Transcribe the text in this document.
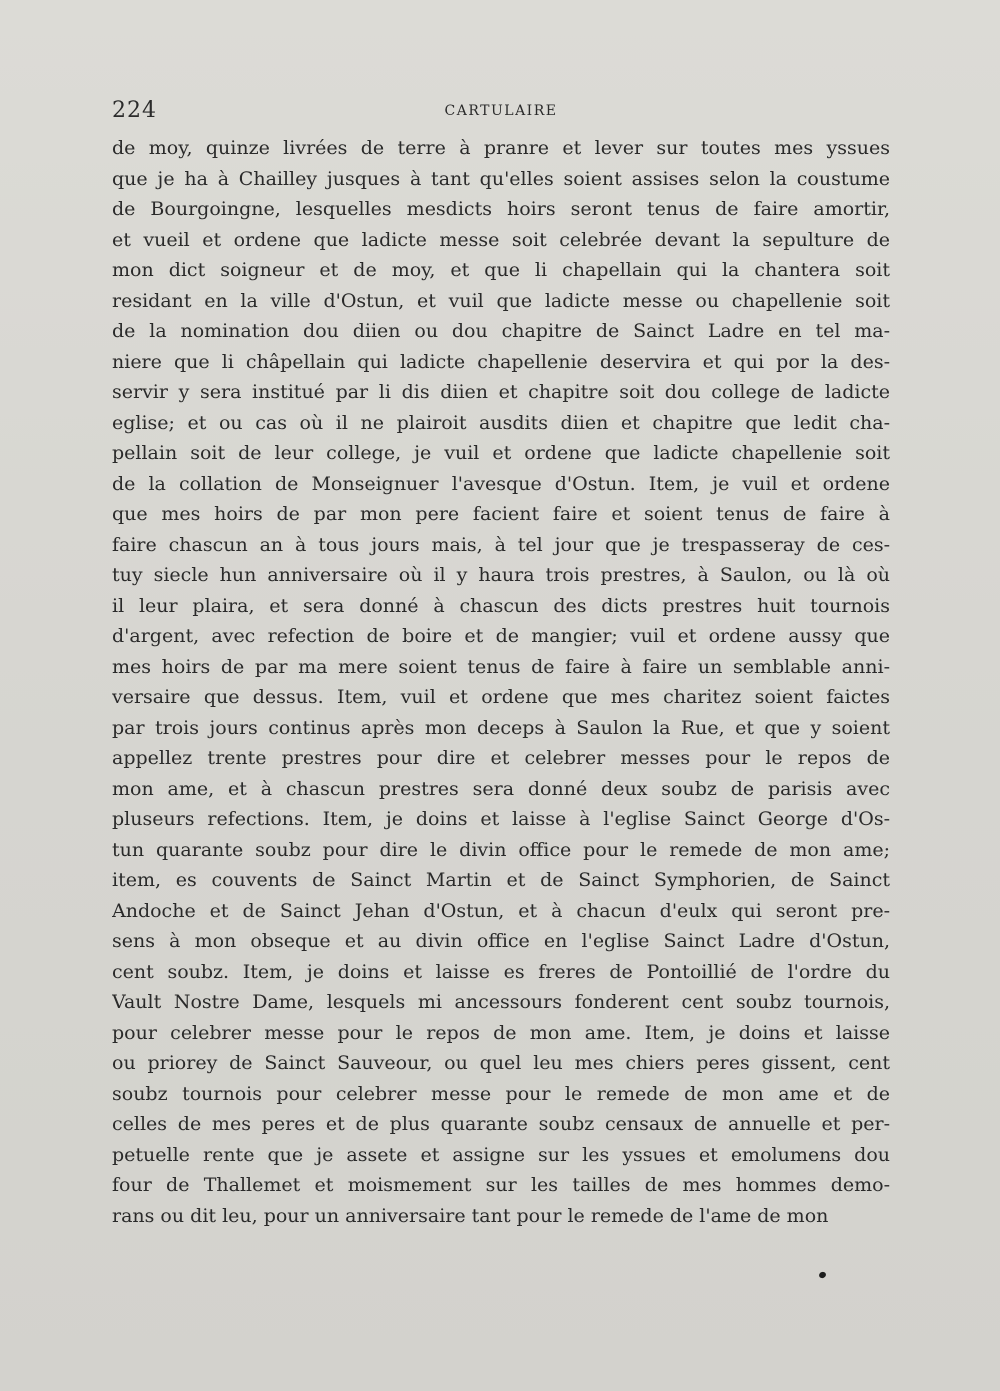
224	CARTULAIRE
de moy, quinze livrées de terre à pranre et lever sur toutes mes yssues
que je ha à Chailley jusques à tant qu'elles soient assises selon la coustume
de Bourgoingne, lesquelles mesdicts hoirs seront tenus de faire amortir,
et vueil et ordene que ladicte messe soit celebrée devant la sepulture de
mon dict soigneur et de moy, et que li chapellain qui la chantera soit
residant en la ville d'Ostun, et vuil que ladicte messe ou chapellenie soit
de la nomination dou diien ou dou chapitre de Sainct Ladre en tel ma-
niere que li châpellain qui ladicte chapellenie deservira et qui por la des-
servir y sera institué par li dis diien et chapitre soit dou college de ladicte
eglise; et ou cas où il ne plairoit ausdits diien et chapitre que ledit cha-
pellain soit de leur college, je vuil et ordene que ladicte chapellenie soit
de la collation de Monseignuer l'avesque d'Ostun. Item, je vuil et ordene
que mes hoirs de par mon pere facient faire et soient tenus de faire à
faire chascun an à tous jours mais, à tel jour que je trespasseray de ces-
tuy siecle hun anniversaire où il y haura trois prestres, à Saulon, ou là où
il leur plaira, et sera donné à chascun des dicts prestres huit tournois
d'argent, avec refection de boire et de mangier; vuil et ordene aussy que
mes hoirs de par ma mere soient tenus de faire à faire un semblable anni-
versaire que dessus. Item, vuil et ordene que mes charitez soient faictes
par trois jours continus après mon deceps à Saulon la Rue, et que y soient
appellez trente prestres pour dire et celebrer messes pour le repos de
mon ame, et à chascun prestres sera donné deux soubz de parisis avec
pluseurs refections. Item, je doins et laisse à l'eglise Sainct George d'Os-
tun quarante soubz pour dire le divin office pour le remede de mon ame;
item, es couvents de Sainct Martin et de Sainct Symphorien, de Sainct
Andoche et de Sainct Jehan d'Ostun, et à chacun d'eulx qui seront pre-
sens à mon obseque et au divin office en l'eglise Sainct Ladre d'Ostun,
cent soubz. Item, je doins et laisse es freres de Pontoillié de l'ordre du
Vault Nostre Dame, lesquels mi ancessours fonderent cent soubz tournois,
pour celebrer messe pour le repos de mon ame. Item, je doins et laisse
ou priorey de Sainct Sauveour, ou quel leu mes chiers peres gissent, cent
soubz tournois pour celebrer messe pour le remede de mon ame et de
celles de mes peres et de plus quarante soubz censaux de annuelle et per-
petuelle rente que je assete et assigne sur les yssues et emolumens dou
four de Thallemet et moismement sur les tailles de mes hommes demo-
rans ou dit leu, pour un anniversaire tant pour le remede de l'ame de mon
